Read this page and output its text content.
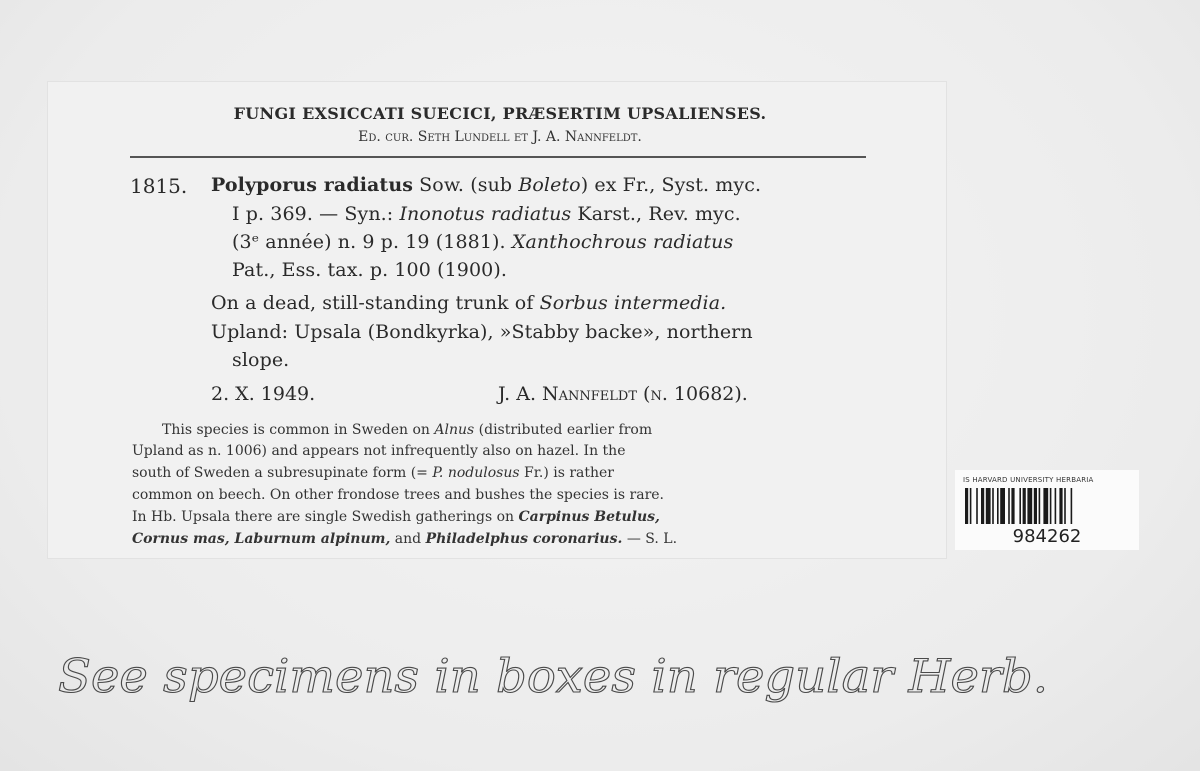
FUNGI EXSICCATI SUECICI, PRÆSERTIM UPSALIENSES.
Ed. cur. Seth Lundell et J. A. Nannfeldt.
1815. Polyporus radiatus Sow. (sub Boleto) ex Fr., Syst. myc.
I p. 369. — Syn.: Inonotus radiatus Karst., Rev. myc.
(3ᵉ année) n. 9 p. 19 (1881). Xanthochrous radiatus
Pat., Ess. tax. p. 100 (1900).
On a dead, still-standing trunk of Sorbus intermedia.
Upland: Upsala (Bondkyrka), »Stabby backe», northern
slope.
2. X. 1949.	J. A. Nannfeldt (n. 10682).
This species is common in Sweden on Alnus (distributed earlier from
Upland as n. 1006) and appears not infrequently also on hazel. In the
south of Sweden a subresupinate form (= P. nodulosus Fr.) is rather
common on beech. On other frondose trees and bushes the species is rare.
In Hb. Upsala there are single Swedish gatherings on Carpinus Betulus,
Cornus mas, Laburnum alpinum, and Philadelphus coronarius. — S. L.
IS HARVARD UNIVERSITY HERBARIA
984262
See specimens in boxes in regular Herb.
